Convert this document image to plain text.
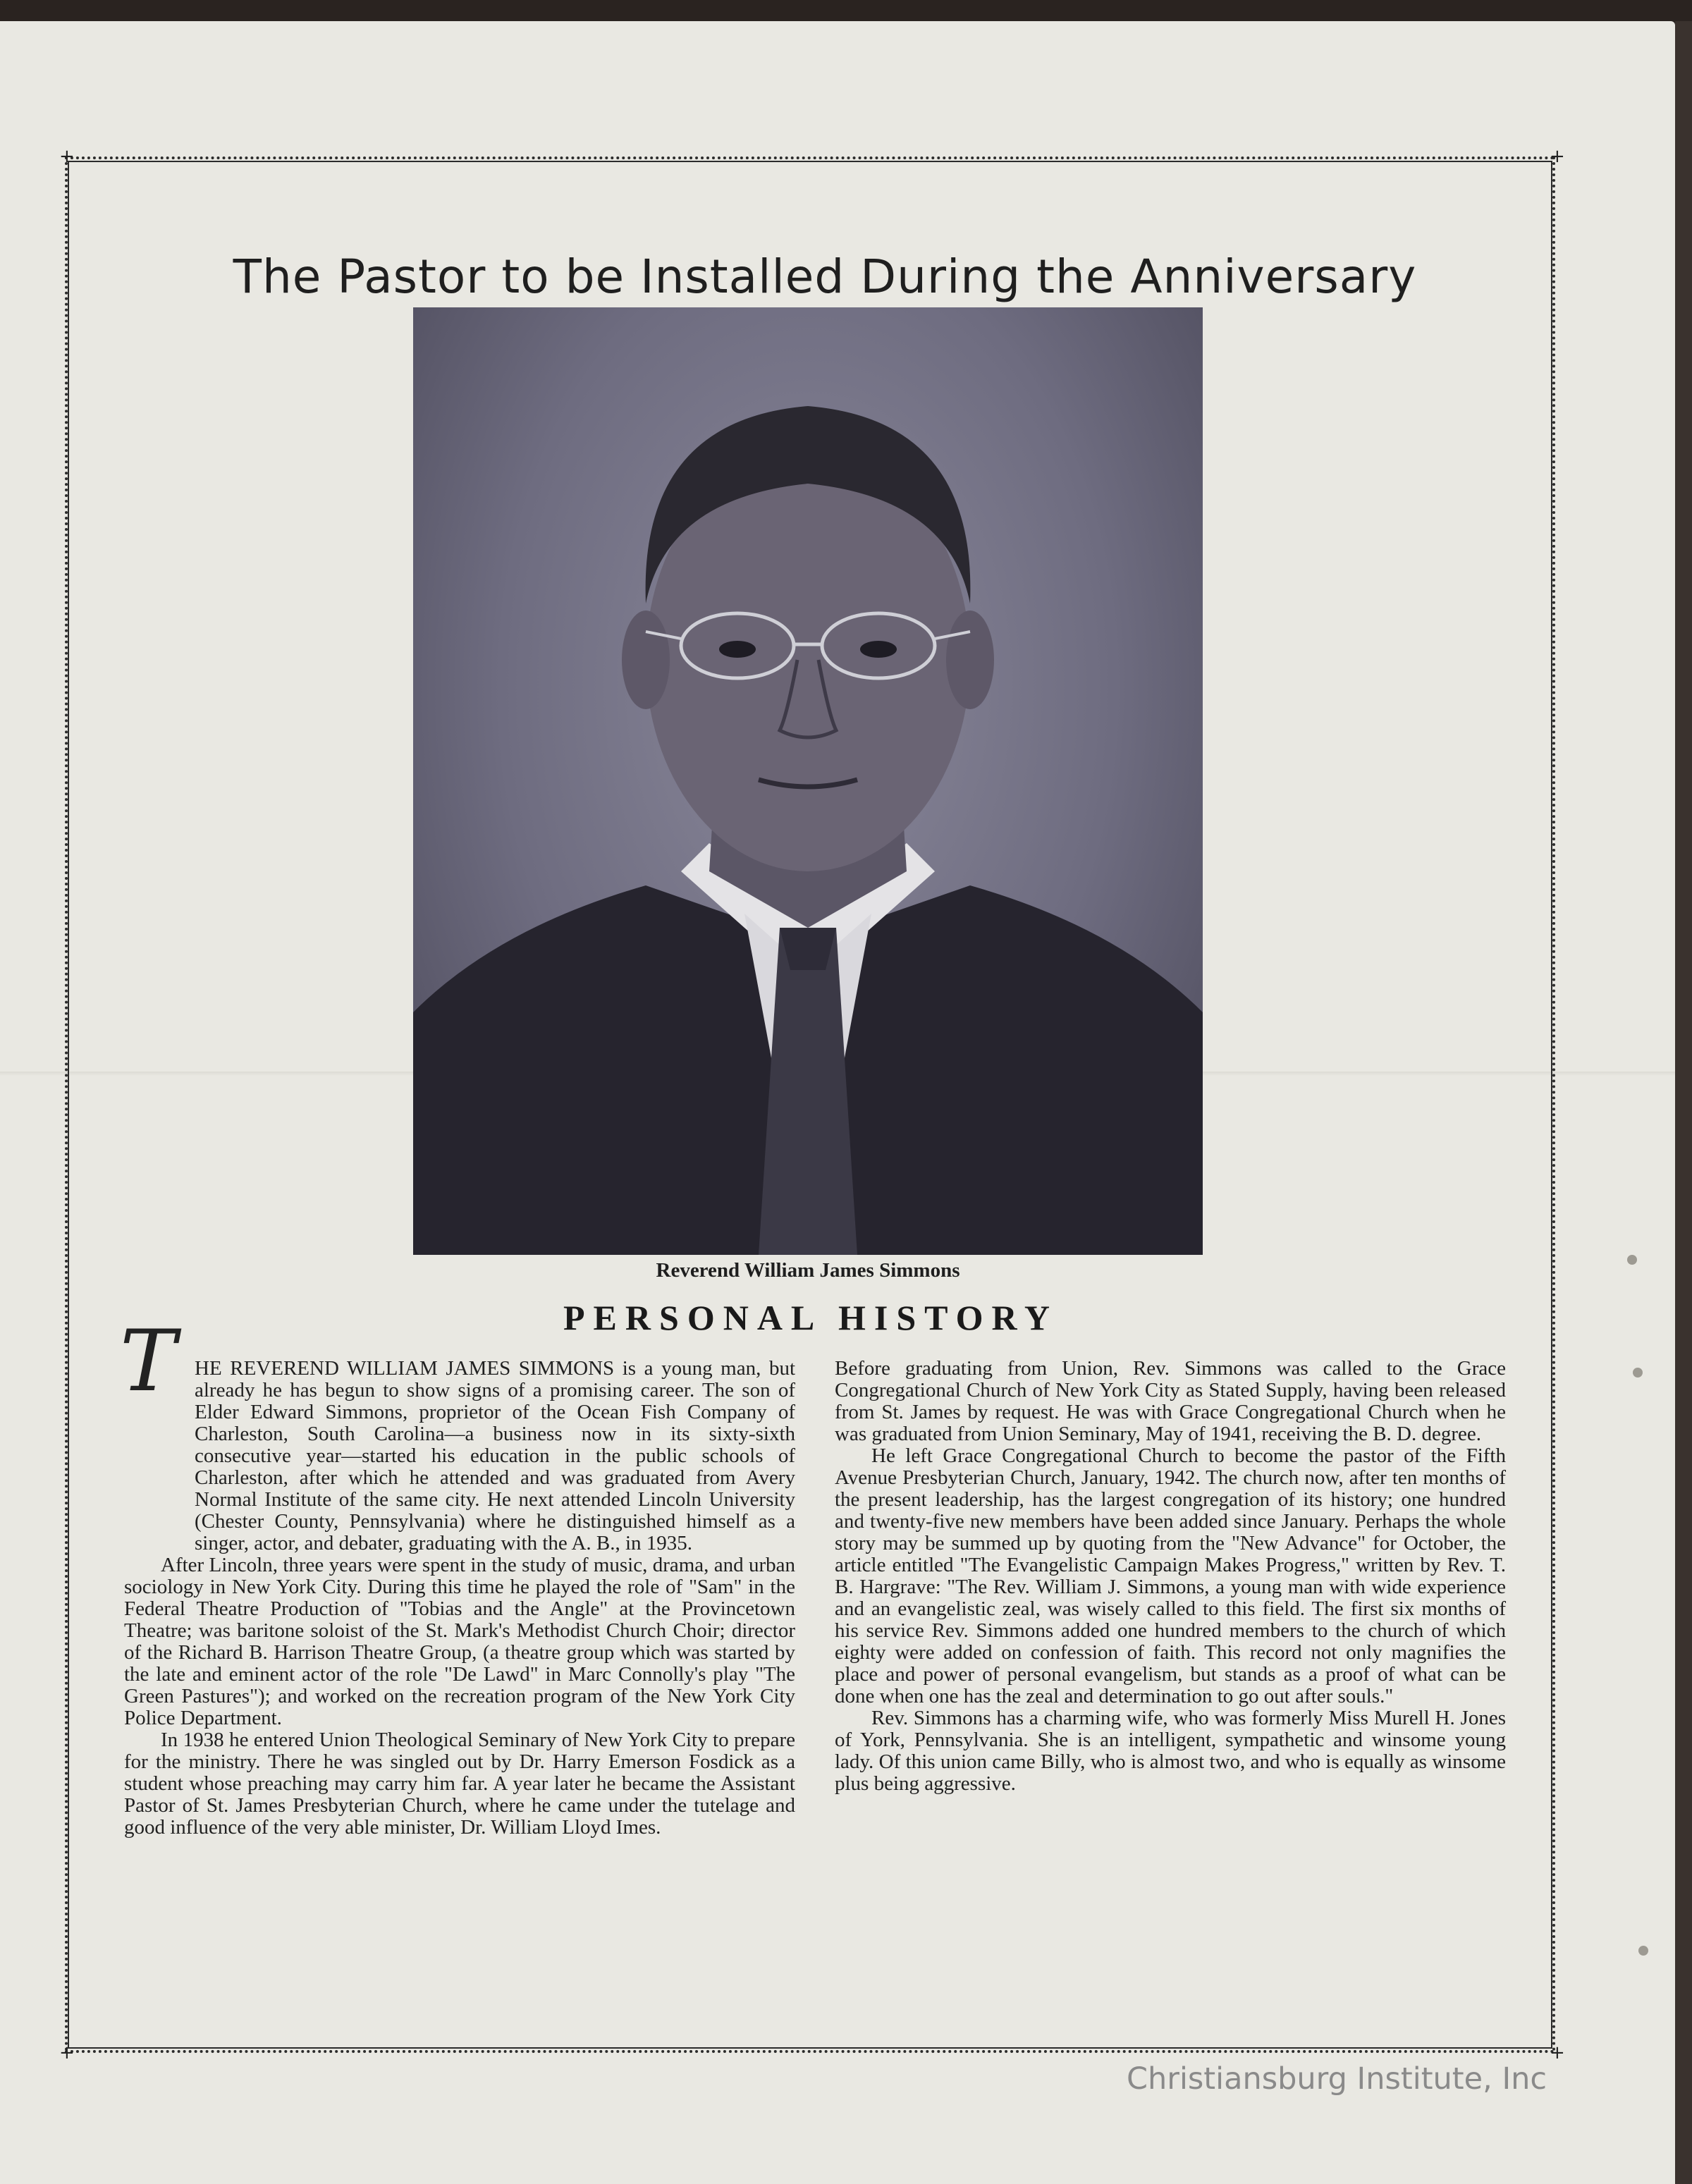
+	+
+	+
The Pastor to be Installed During the Anniversary
Reverend William James Simmons
PERSONAL HISTORY
T HE REVEREND WILLIAM JAMES SIMMONS is a young man, but already he has begun to show signs of a promising career. The son of Elder Edward Simmons, proprietor of the Ocean Fish Company of Charleston, South Carolina—a business now in its sixty-sixth consecutive year—started his education in the public schools of Charleston, after which he attended and was graduated from Avery Normal Institute of the same city. He next attended Lincoln University (Chester County, Pennsylvania) where he distinguished himself as a singer, actor, and debater, graduating with the A. B., in 1935.

After Lincoln, three years were spent in the study of music, drama, and urban sociology in New York City. During this time he played the role of "Sam" in the Federal Theatre Production of "Tobias and the Angle" at the Provincetown Theatre; was baritone soloist of the St. Mark's Methodist Church Choir; director of the Richard B. Harrison Theatre Group, (a theatre group which was started by the late and eminent actor of the role "De Lawd" in Marc Connolly's play "The Green Pastures"); and worked on the recreation program of the New York City Police Department.

In 1938 he entered Union Theological Seminary of New York City to prepare for the ministry. There he was singled out by Dr. Harry Emerson Fosdick as a student whose preaching may carry him far. A year later he became the Assistant Pastor of St. James Presbyterian Church, where he came under the tutelage and good influence of the very able minister, Dr. William Lloyd Imes.

Before graduating from Union, Rev. Simmons was called to the Grace Congregational Church of New York City as Stated Supply, having been released from St. James by request. He was with Grace Congregational Church when he was graduated from Union Seminary, May of 1941, receiving the B. D. degree.

He left Grace Congregational Church to become the pastor of the Fifth Avenue Presbyterian Church, January, 1942. The church now, after ten months of the present leadership, has the largest congregation of its history; one hundred and twenty-five new members have been added since January. Perhaps the whole story may be summed up by quoting from the "New Advance" for October, the article entitled "The Evangelistic Campaign Makes Progress," written by Rev. T. B. Hargrave: "The Rev. William J. Simmons, a young man with wide experience and an evangelistic zeal, was wisely called to this field. The first six months of his service Rev. Simmons added one hundred members to the church of which eighty were added on confession of faith. This record not only magnifies the place and power of personal evangelism, but stands as a proof of what can be done when one has the zeal and determination to go out after souls."

Rev. Simmons has a charming wife, who was formerly Miss Murell H. Jones of York, Pennsylvania. She is an intelligent, sympathetic and winsome young lady. Of this union came Billy, who is almost two, and who is equally as winsome plus being aggressive.

Christiansburg Institute, Inc
